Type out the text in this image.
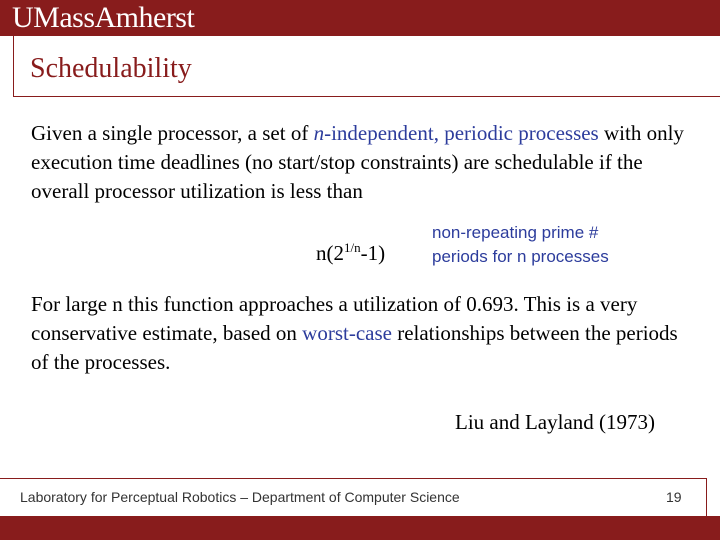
UMassAmherst
Schedulability
Given a single processor, a set of n-independent, periodic processes with only execution time deadlines (no start/stop constraints) are schedulable if the overall processor utilization is less than
$n(2^{1/n}-1)$
non-repeating prime #
periods for n processes
For large n this function approaches a utilization of 0.693. This is a very conservative estimate, based on worst-case relationships between the periods of the processes.
Liu and Layland (1973)
Laboratory for Perceptual Robotics – Department of Computer Science	19
